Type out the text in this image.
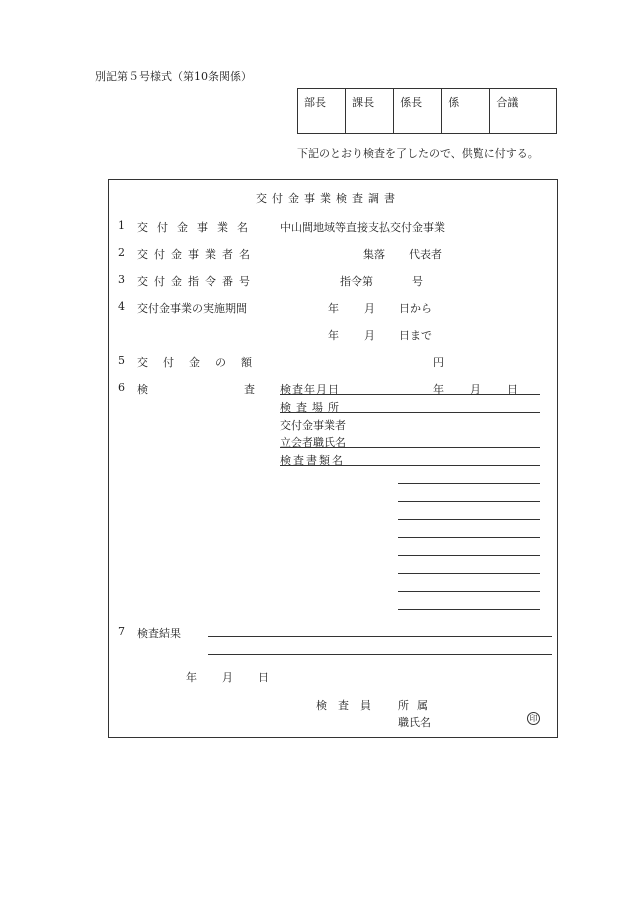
別記第５号様式（第10条関係）
部長	課長	係長	係	合議
下記のとおり検査を了したので、供覧に付する。
交付金事業検査調書
1 交付金事業名 中山間地域等直接支払交付金事業
2 交付金事業者名	集落 代表者
3 交付金指令番号	指令第	号
4 交付金事業の実施期間	年 月 日から
年 月 日まで
5 交付金の額	円
6 検	査 検査年月日	年 月 日
検査場所
交付金事業者
立会者職氏名
検査書類名
7 検査結果
年 月 日
検査員 所属
職氏名	印
